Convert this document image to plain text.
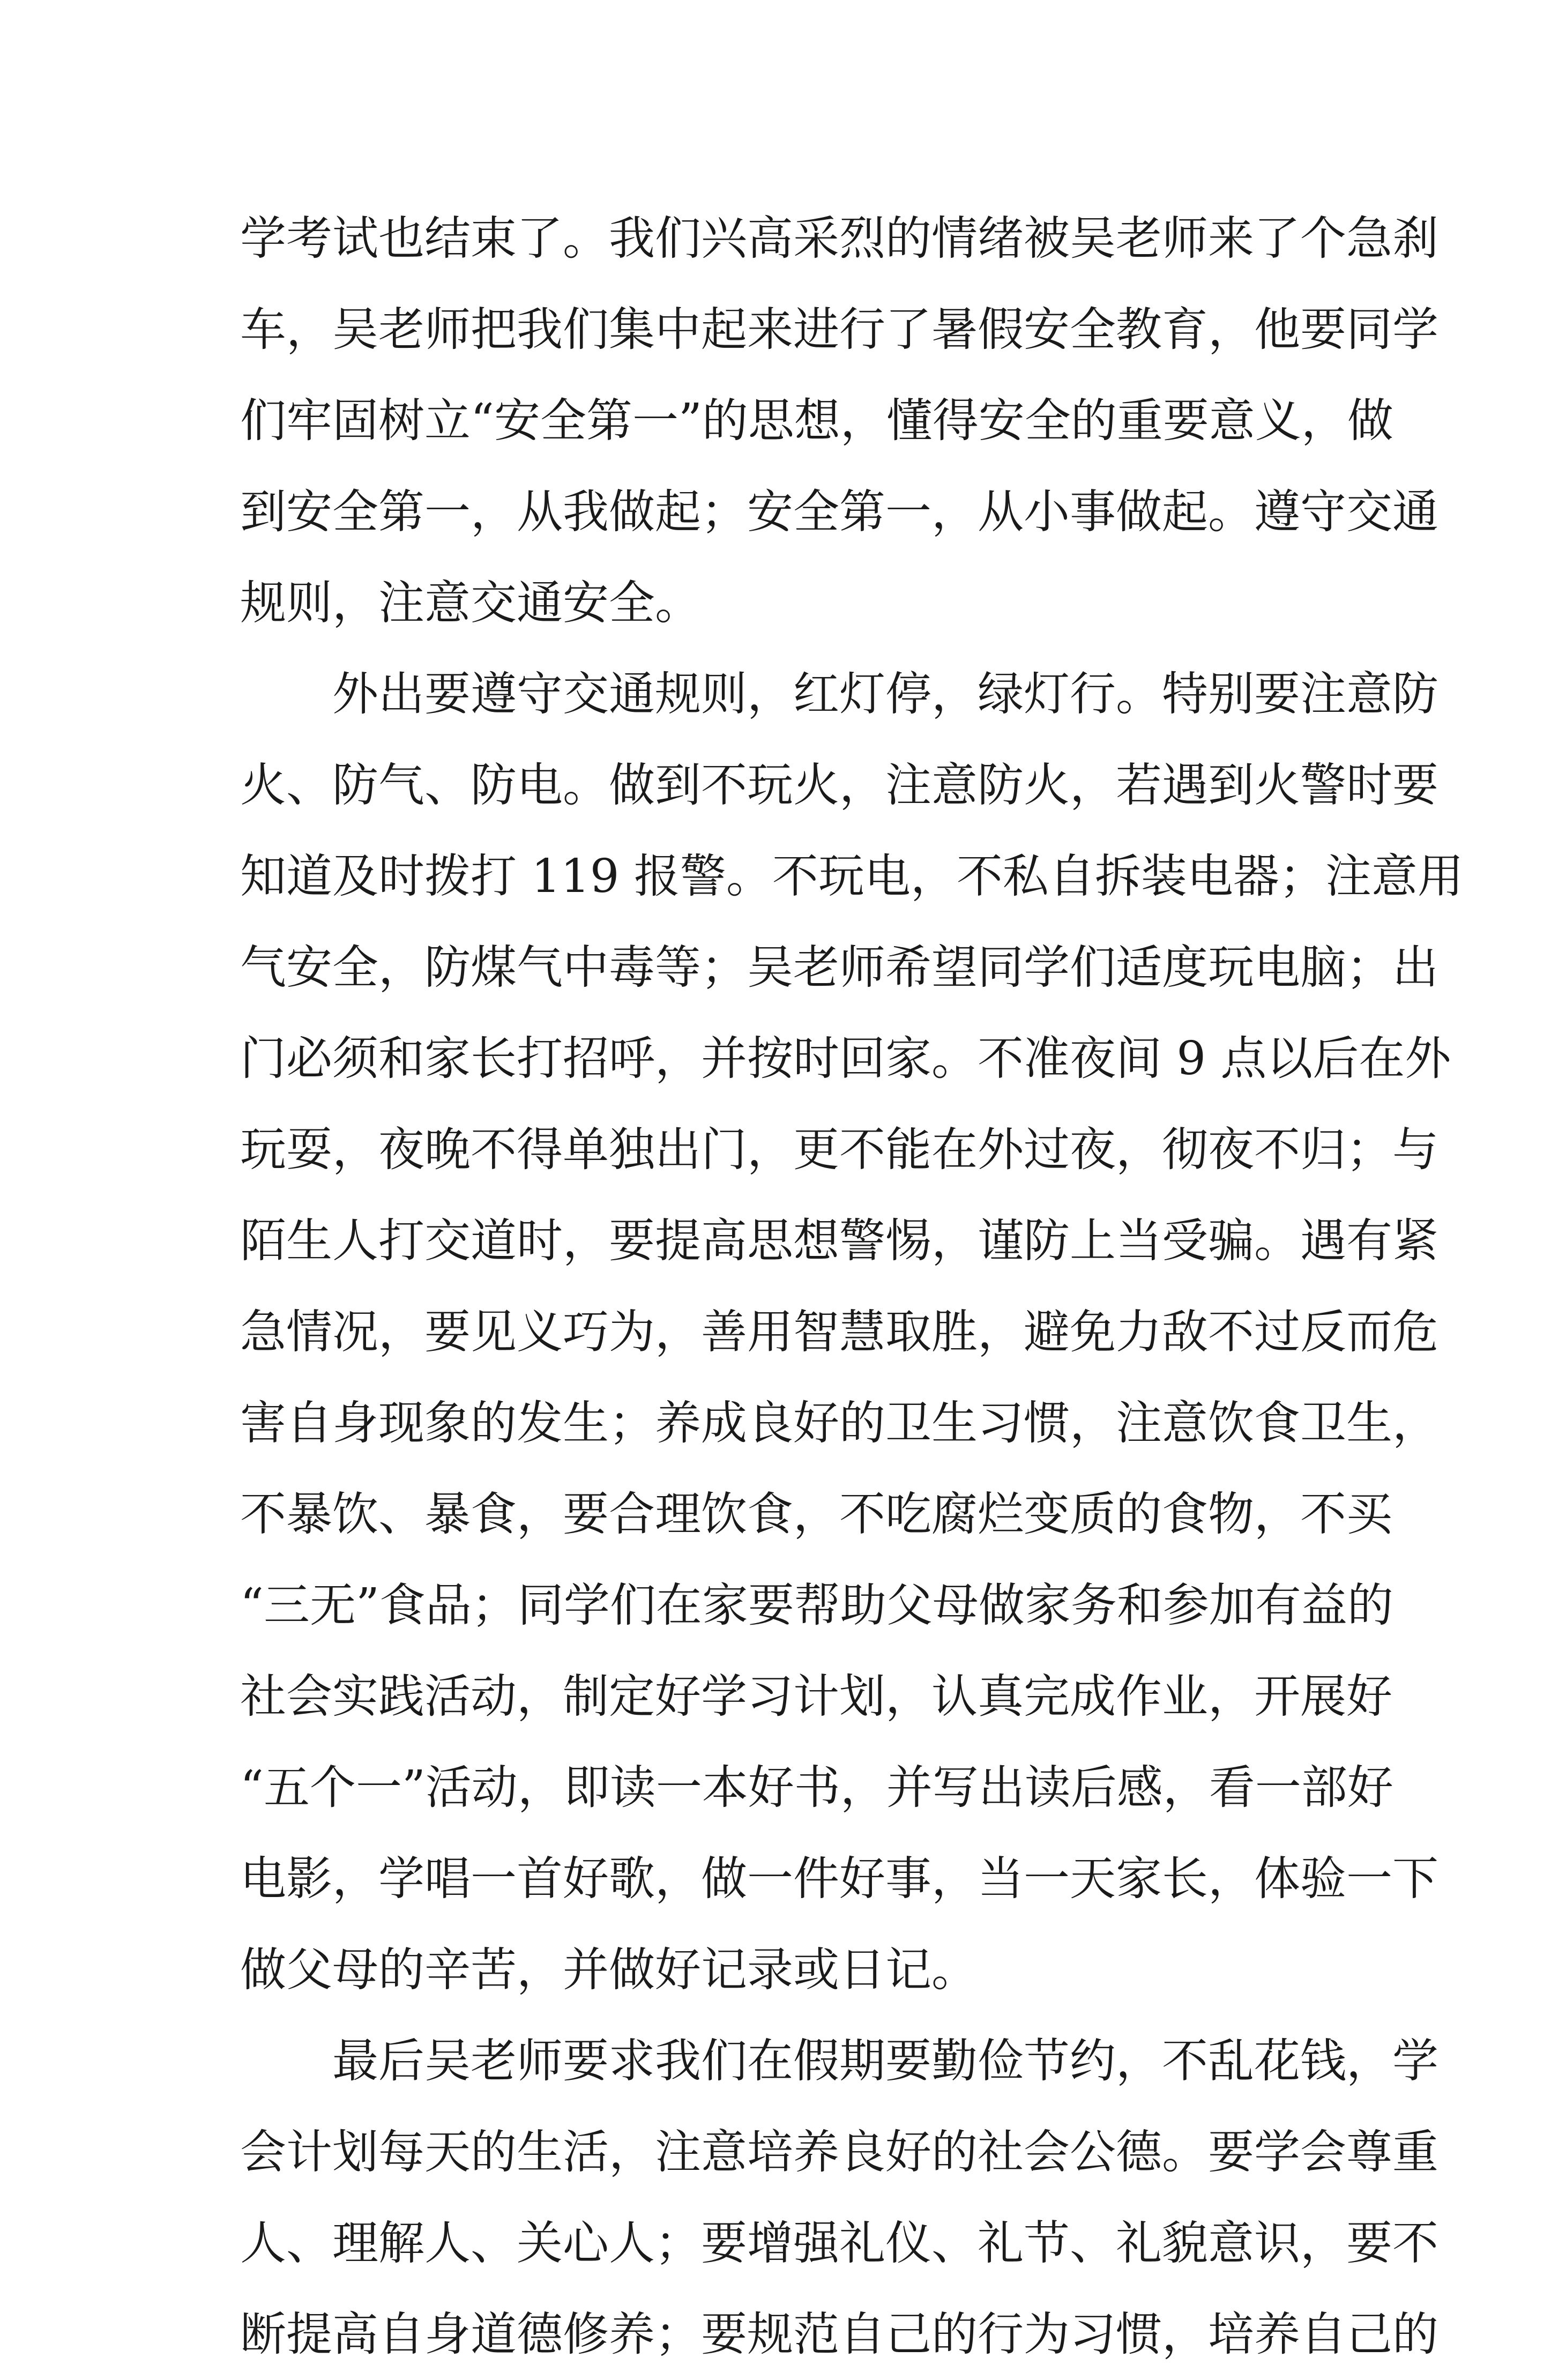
学考试也结束了。我们兴高采烈的情绪被吴老师来了个急刹
车，吴老师把我们集中起来进行了暑假安全教育，他要同学
们牢固树立“安全第一”的思想，懂得安全的重要意义，做
到安全第一，从我做起；安全第一，从小事做起。遵守交通
规则，注意交通安全。
外出要遵守交通规则，红灯停，绿灯行。特别要注意防
火、防气、防电。做到不玩火，注意防火，若遇到火警时要
知道及时拨打 119 报警。不玩电，不私自拆装电器；注意用
气安全，防煤气中毒等；吴老师希望同学们适度玩电脑；出
门必须和家长打招呼，并按时回家。不准夜间 9 点以后在外
玩耍，夜晚不得单独出门，更不能在外过夜，彻夜不归；与
陌生人打交道时，要提高思想警惕，谨防上当受骗。遇有紧
急情况，要见义巧为，善用智慧取胜，避免力敌不过反而危
害自身现象的发生；养成良好的卫生习惯，注意饮食卫生，
不暴饮、暴食，要合理饮食，不吃腐烂变质的食物，不买
“三无”食品；同学们在家要帮助父母做家务和参加有益的
社会实践活动，制定好学习计划，认真完成作业，开展好
“五个一”活动，即读一本好书，并写出读后感，看一部好
电影，学唱一首好歌，做一件好事，当一天家长，体验一下
做父母的辛苦，并做好记录或日记。
最后吴老师要求我们在假期要勤俭节约，不乱花钱，学
会计划每天的生活，注意培养良好的社会公德。要学会尊重
人、理解人、关心人；要增强礼仪、礼节、礼貌意识，要不
断提高自身道德修养；要规范自己的行为习惯，培养自己的
